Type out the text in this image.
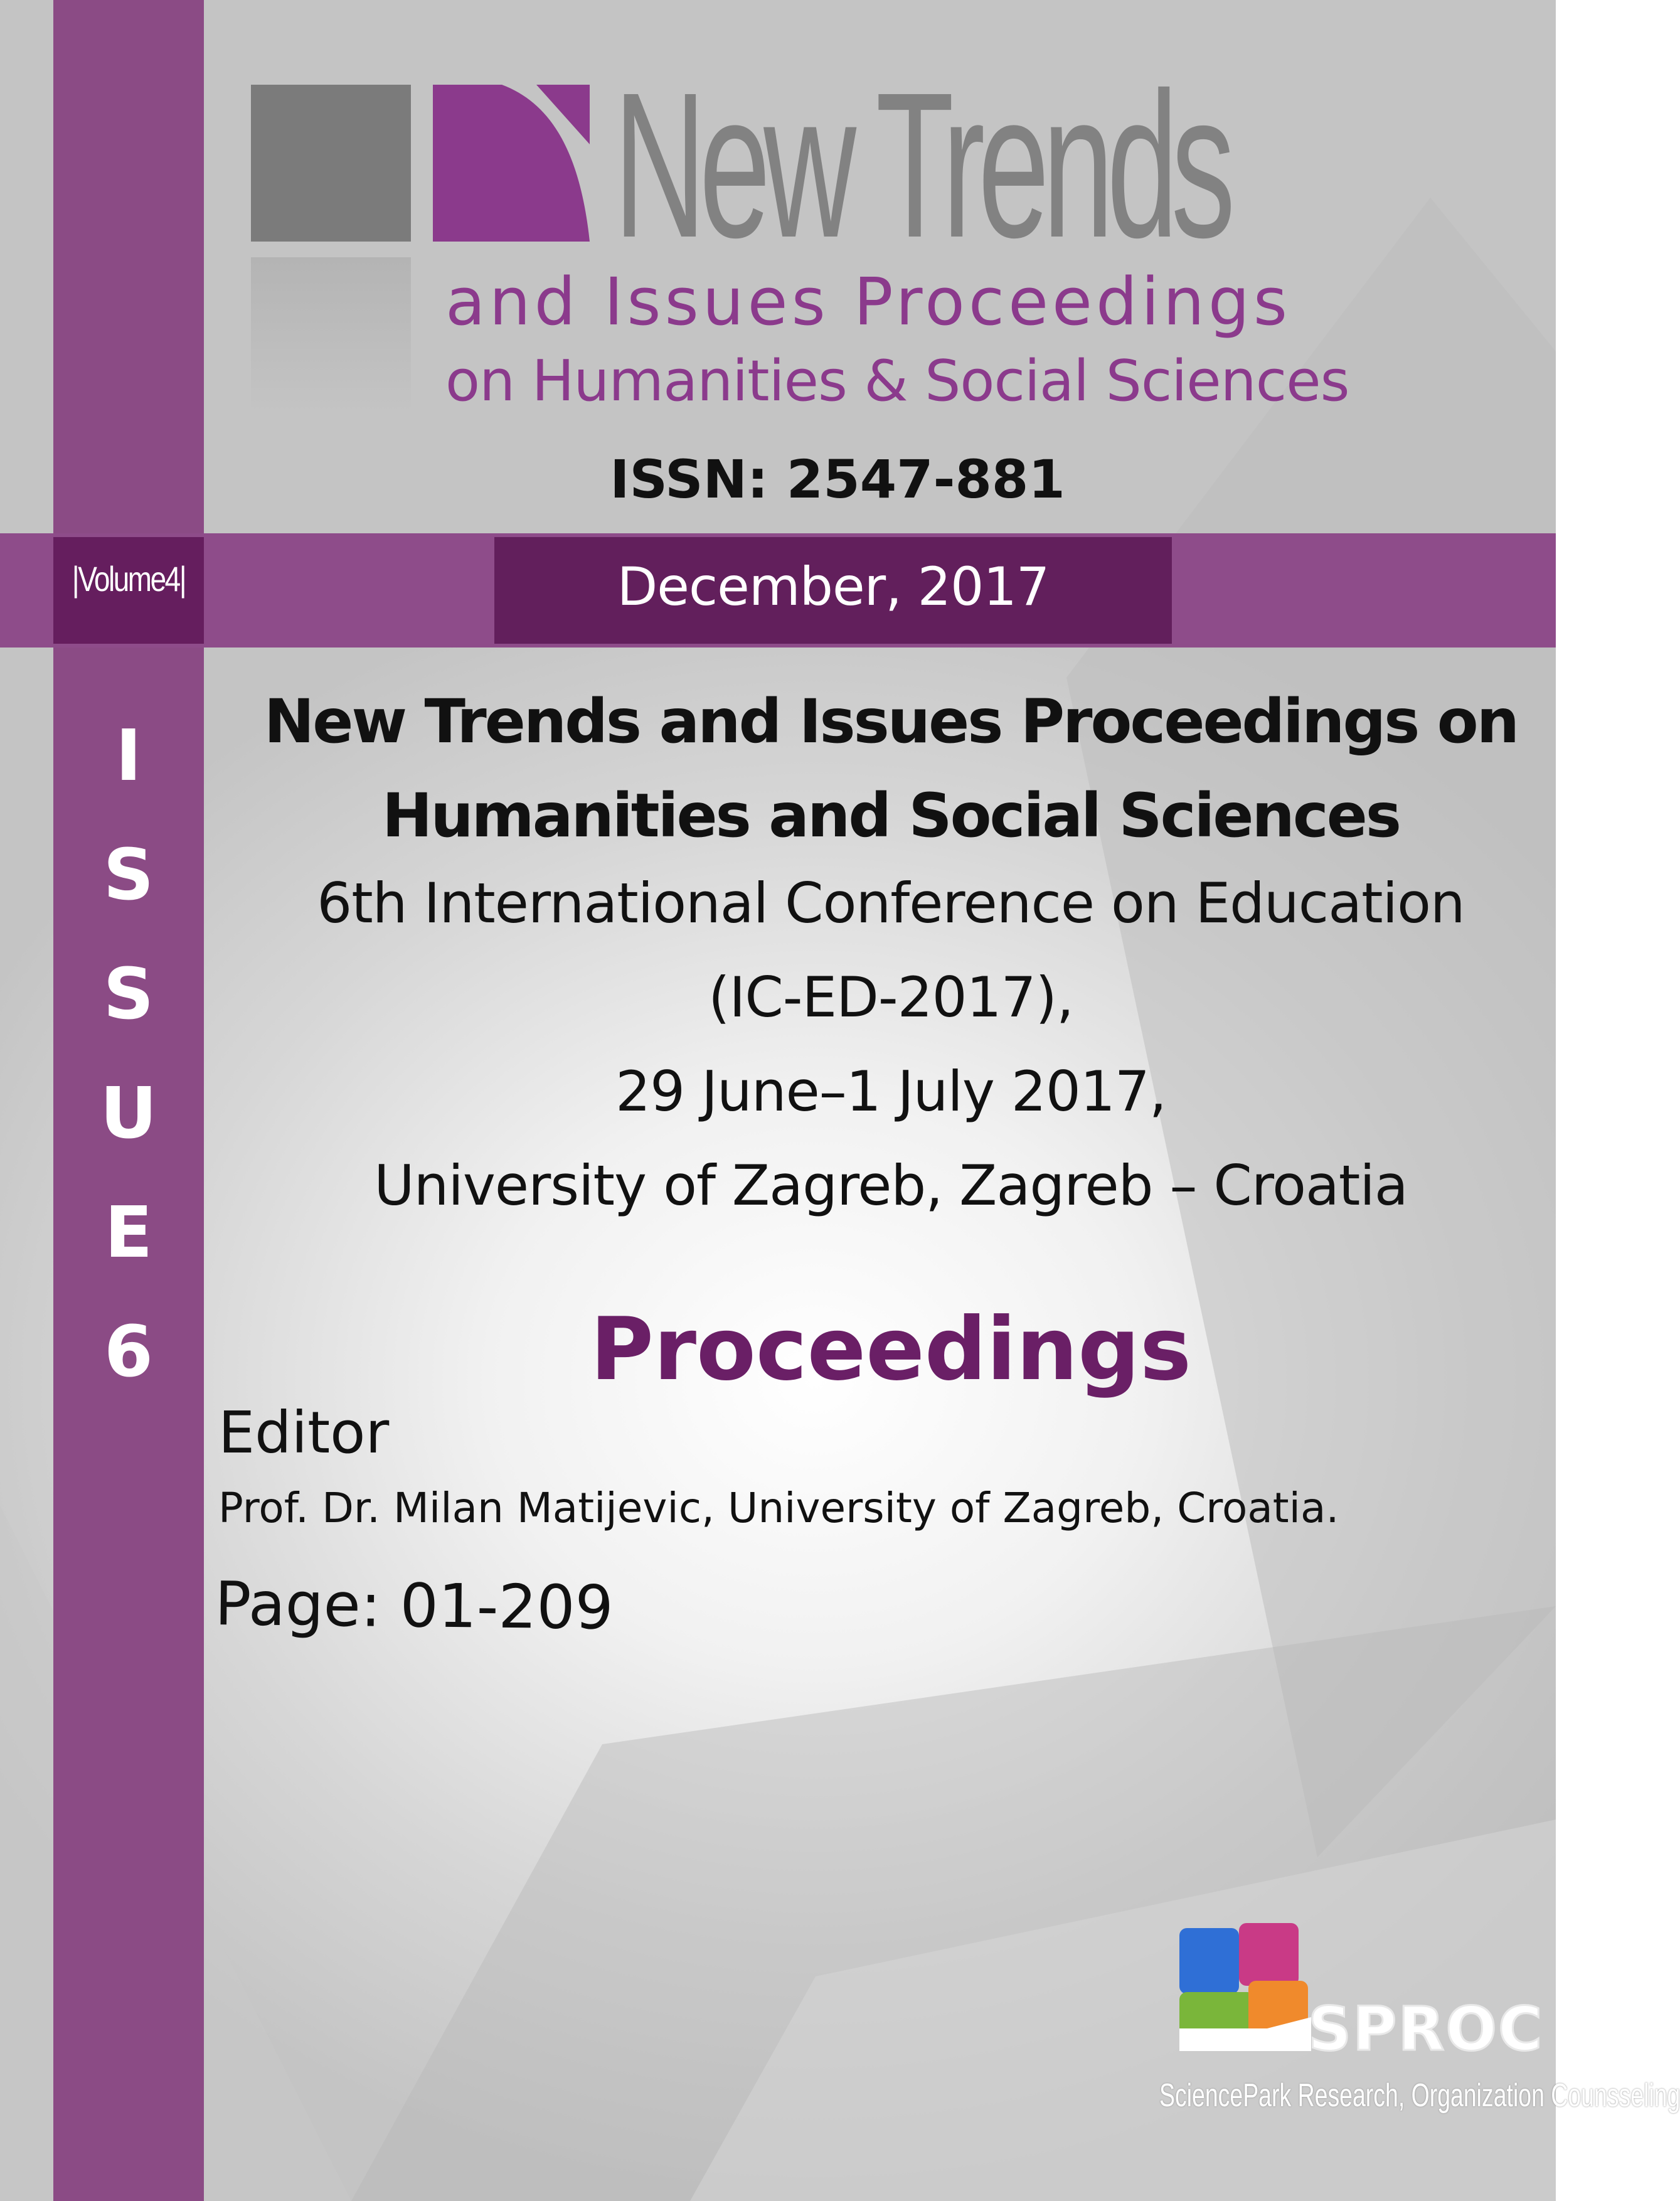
New Trends
and Issues Proceedings
on Humanities & Social Sciences
ISSN: 2547-881
|Volume4|	December, 2017
I
S
S
U
E
6
New Trends and Issues Proceedings on
Humanities and Social Sciences
6th International Conference on Education
(IC-ED-2017),
29 June–1 July 2017,
University of Zagreb, Zagreb – Croatia
Proceedings
Editor
Prof. Dr. Milan Matijevic, University of Zagreb, Croatia.
Page: 01-209
SPROC
SciencePark Research, Organization Counsseling
